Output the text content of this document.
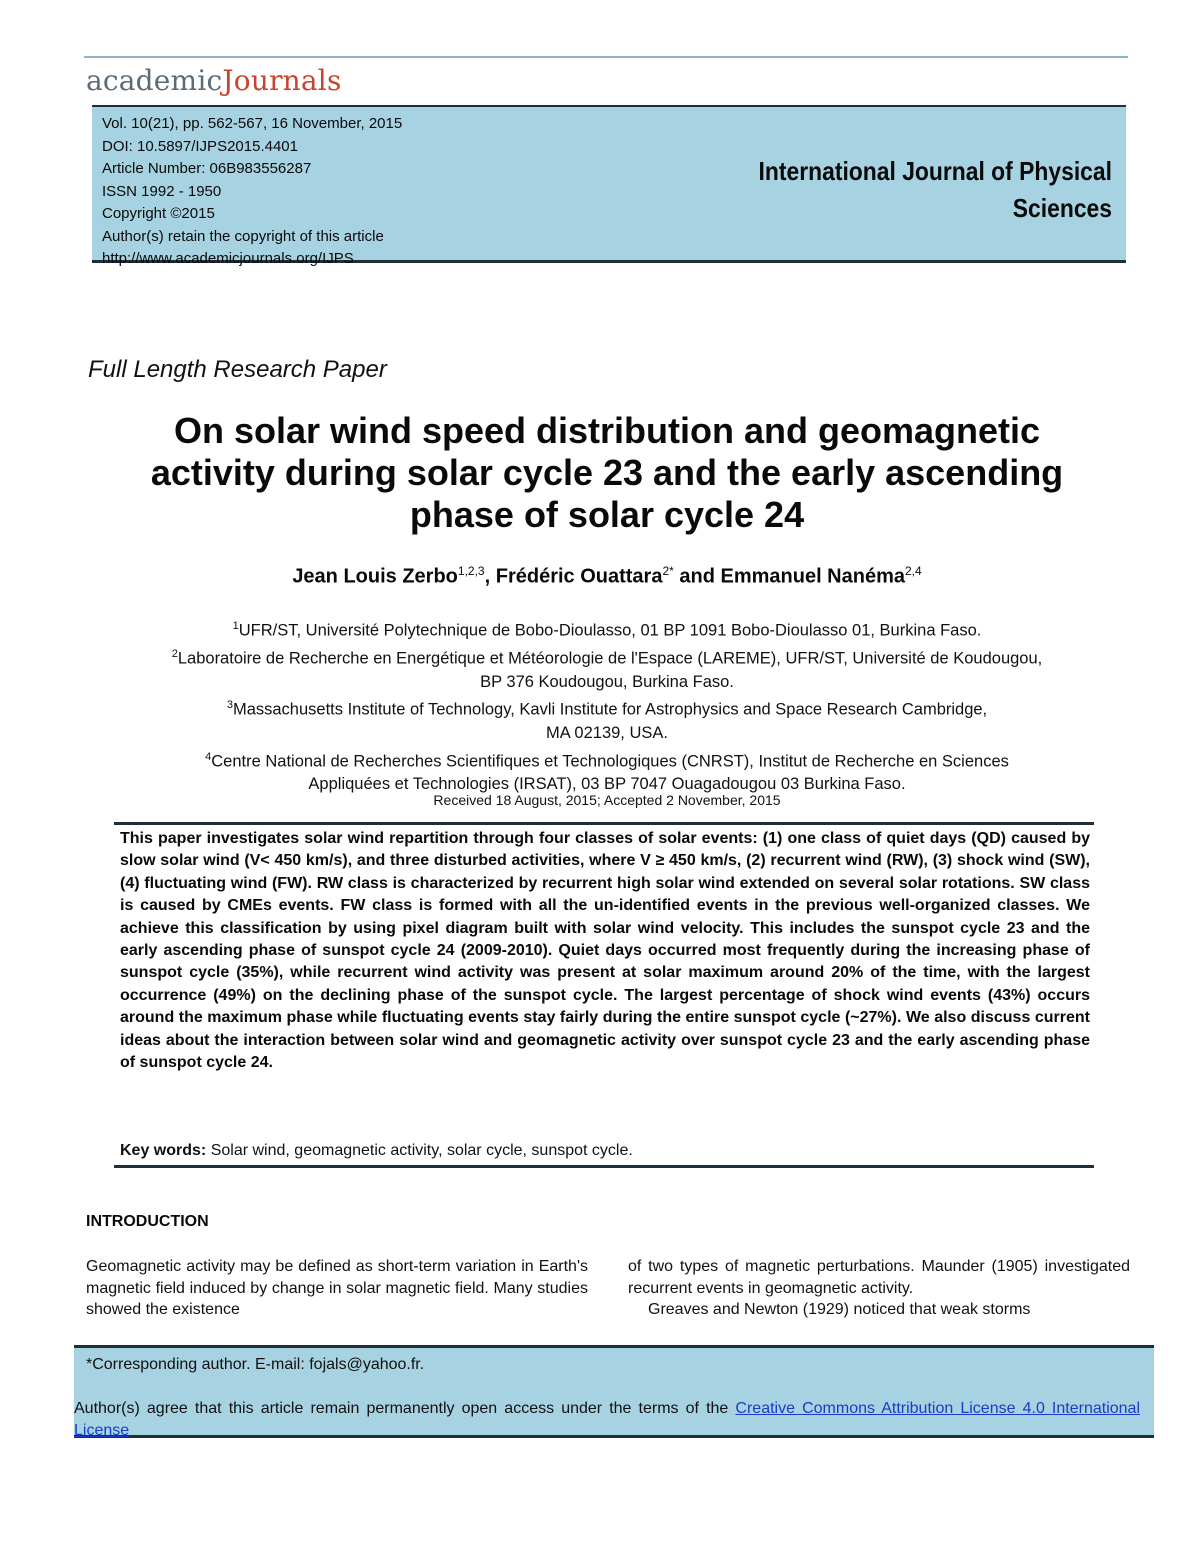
academicJournals
Vol. 10(21), pp. 562-567, 16 November, 2015
DOI: 10.5897/IJPS2015.4401
Article Number: 06B983556287
ISSN 1992 - 1950
Copyright ©2015
Author(s) retain the copyright of this article
http://www.academicjournals.org/IJPS
International Journal of Physical
Sciences
Full Length Research Paper
On solar wind speed distribution and geomagnetic
activity during solar cycle 23 and the early ascending
phase of solar cycle 24
Jean Louis Zerbo$^{1,2,3}$, Frédéric Ouattara$^{2*}$ and Emmanuel Nanéma$^{2,4}$
$^1$UFR/ST, Université Polytechnique de Bobo-Dioulasso, 01 BP 1091 Bobo-Dioulasso 01, Burkina Faso.
$^2$Laboratoire de Recherche en Energétique et Météorologie de l'Espace (LAREME), UFR/ST, Université de Koudougou,
BP 376 Koudougou, Burkina Faso.
$^3$Massachusetts Institute of Technology, Kavli Institute for Astrophysics and Space Research Cambridge,
MA 02139, USA.
$^4$Centre National de Recherches Scientifiques et Technologiques (CNRST), Institut de Recherche en Sciences
Appliquées et Technologies (IRSAT), 03 BP 7047 Ouagadougou 03 Burkina Faso.
Received 18 August, 2015; Accepted 2 November, 2015
This paper investigates solar wind repartition through four classes of solar events: (1) one class of quiet days (QD) caused by slow solar wind (V< 450 km/s), and three disturbed activities, where V ≥ 450 km/s, (2) recurrent wind (RW), (3) shock wind (SW), (4) fluctuating wind (FW). RW class is characterized by recurrent high solar wind extended on several solar rotations. SW class is caused by CMEs events. FW class is formed with all the un-identified events in the previous well-organized classes. We achieve this classification by using pixel diagram built with solar wind velocity. This includes the sunspot cycle 23 and the early ascending phase of sunspot cycle 24 (2009-2010). Quiet days occurred most frequently during the increasing phase of sunspot cycle (35%), while recurrent wind activity was present at solar maximum around 20% of the time, with the largest occurrence (49%) on the declining phase of the sunspot cycle. The largest percentage of shock wind events (43%) occurs around the maximum phase while fluctuating events stay fairly during the entire sunspot cycle (~27%). We also discuss current ideas about the interaction between solar wind and geomagnetic activity over sunspot cycle 23 and the early ascending phase of sunspot cycle 24.
Key words: Solar wind, geomagnetic activity, solar cycle, sunspot cycle.
INTRODUCTION
Geomagnetic activity may be defined as short-term variation in Earth's magnetic field induced by change in solar magnetic field. Many studies showed the existence
of two types of magnetic perturbations. Maunder (1905) investigated recurrent events in geomagnetic activity.
Greaves and Newton (1929) noticed that weak storms
*Corresponding author. E-mail: fojals@yahoo.fr.
Author(s) agree that this article remain permanently open access under the terms of the Creative Commons Attribution License 4.0 International License
